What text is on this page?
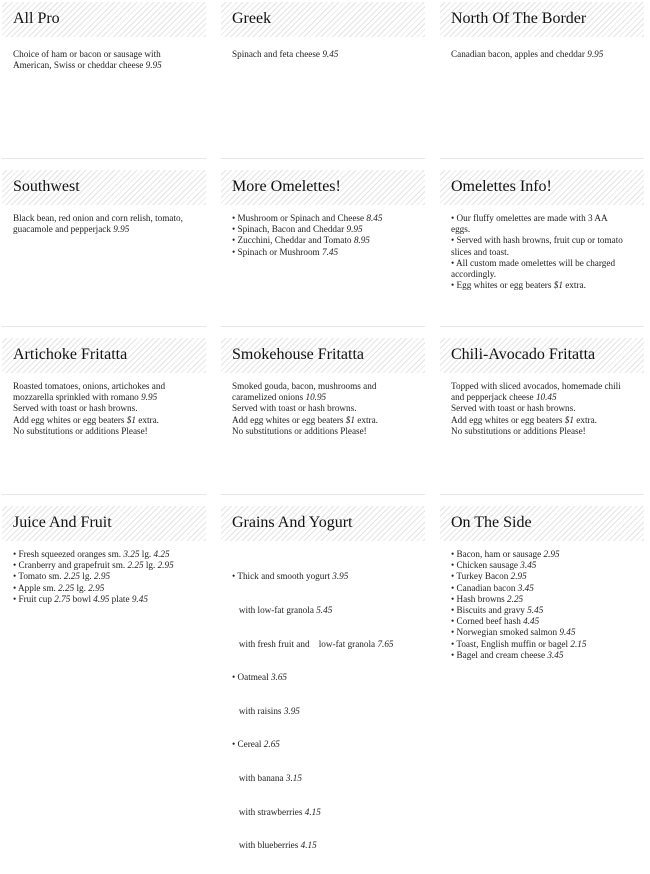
All Pro

Choice of ham or bacon or sausage with

American, Swiss or cheddar cheese 9.95

Greek

Spinach and feta cheese 9.45

North Of The Border

Canadian bacon, apples and cheddar 9.95

Southwest

Black bean, red onion and corn relish, tomato,

guacamole and pepperjack 9.95

More Omelettes!

• Mushroom or Spinach and Cheese 8.45

• Spinach, Bacon and Cheddar 9.95

• Zucchini, Cheddar and Tomato 8.95

• Spinach or Mushroom 7.45

Omelettes Info!

• Our fluffy omelettes are made with 3 AA

eggs.

• Served with hash browns, fruit cup or tomato

slices and toast.

• All custom made omelettes will be charged

accordingly.

• Egg whites or egg beaters $1 extra.

Artichoke Fritatta

Roasted tomatoes, onions, artichokes and

mozzarella sprinkled with romano 9.95

Served with toast or hash browns.

Add egg whites or egg beaters $1 extra.

No substitutions or additions Please!

Smokehouse Fritatta

Smoked gouda, bacon, mushrooms and

caramelized onions 10.95

Served with toast or hash browns.

Add egg whites or egg beaters $1 extra.

No substitutions or additions Please!

Chili-Avocado Fritatta

Topped with sliced avocados, homemade chili

and pepperjack cheese 10.45

Served with toast or hash browns.

Add egg whites or egg beaters $1 extra.

No substitutions or additions Please!

Juice And Fruit

• Fresh squeezed oranges sm. 3.25 lg. 4.25

• Cranberry and grapefruit sm. 2.25 lg. 2.95

• Tomato sm. 2.25 lg. 2.95

• Apple sm. 2.25 lg. 2.95

• Fruit cup 2.75 bowl 4.95 plate 9.45

Grains And Yogurt

• Thick and smooth yogurt 3.95

with low-fat granola 5.45

with fresh fruit and    low-fat granola 7.65

• Oatmeal 3.65

with raisins 3.95

• Cereal 2.65

with banana 3.15

with strawberries 4.15

with blueberries 4.15

On The Side

• Bacon, ham or sausage 2.95

• Chicken sausage 3.45

• Turkey Bacon 2.95

• Canadian bacon 3.45

• Hash browns 2.25

• Biscuits and gravy 5.45

• Corned beef hash 4.45

• Norwegian smoked salmon 9.45

• Toast, English muffin or bagel 2.15

• Bagel and cream cheese 3.45
